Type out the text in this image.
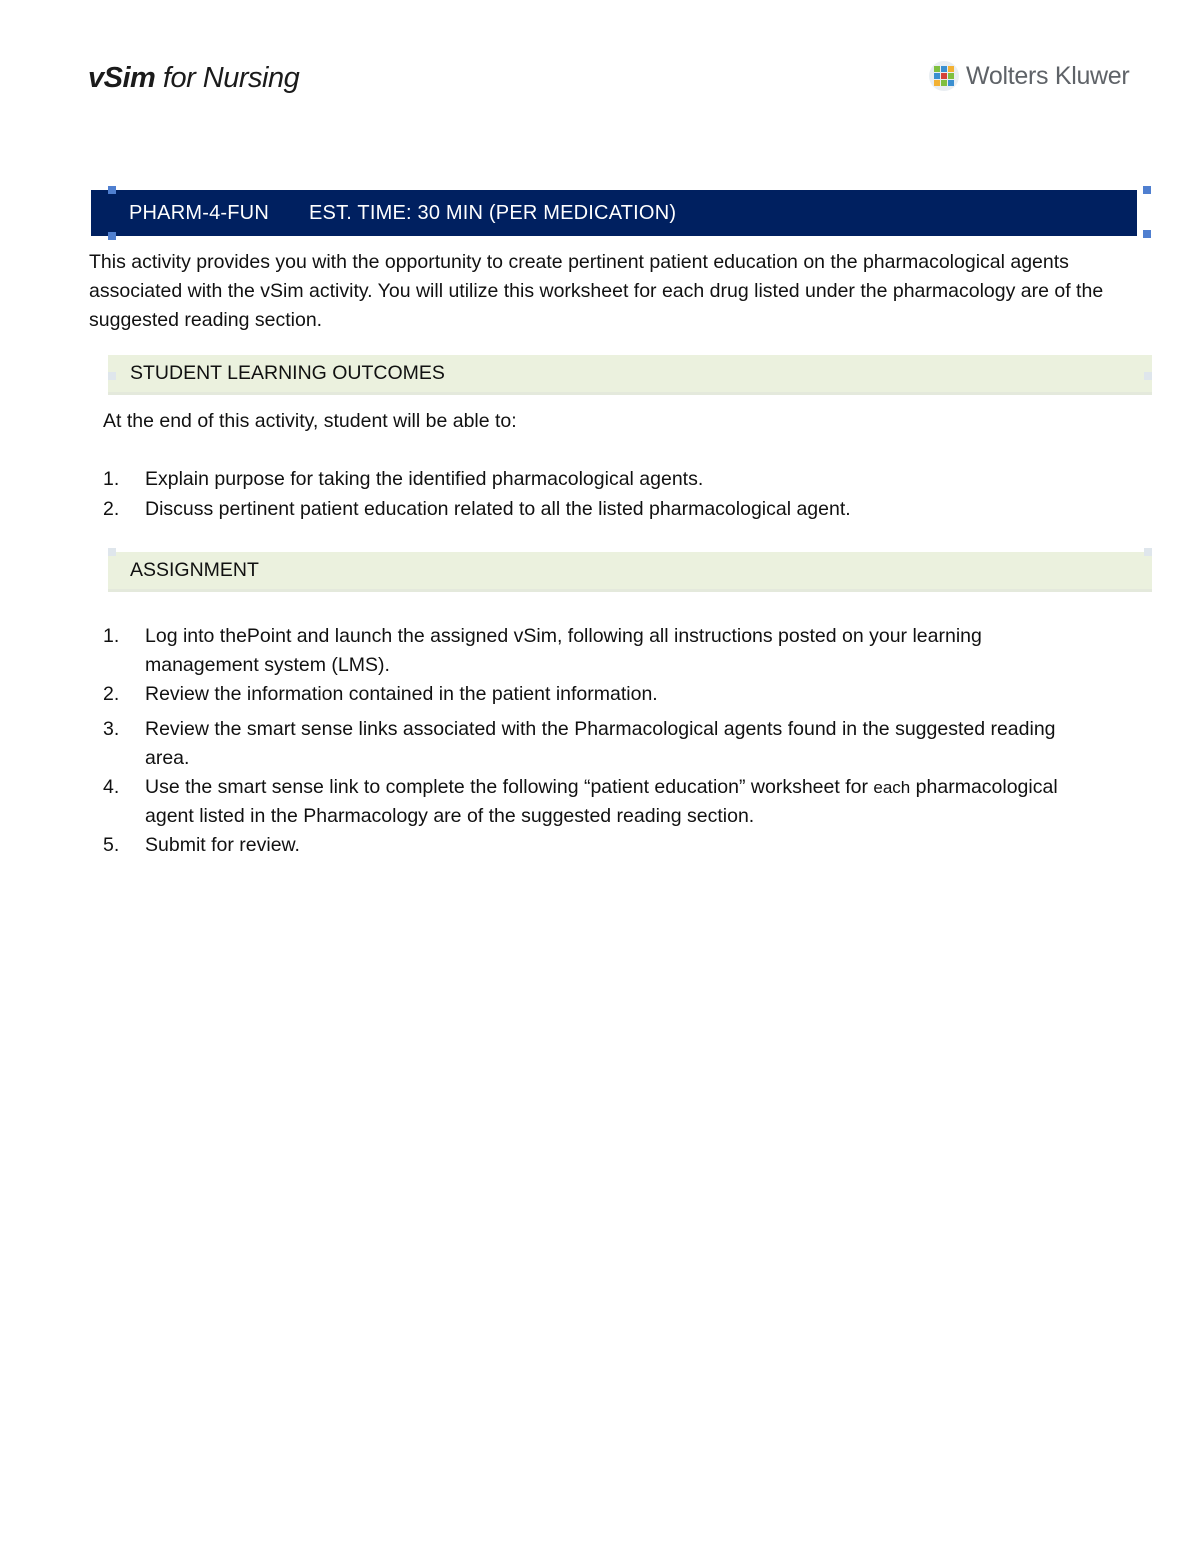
vSim for Nursing	Wolters Kluwer
PHARM-4-FUN EST. TIME: 30 MIN (PER MEDICATION)

This activity provides you with the opportunity to create pertinent patient education on the pharmacological agents associated with the vSim activity. You will utilize this worksheet for each drug listed under the pharmacology are of the suggested reading section.

STUDENT LEARNING OUTCOMES

At the end of this activity, student will be able to:

1. Explain purpose for taking the identified pharmacological agents.
2. Discuss pertinent patient education related to all the listed pharmacological agent.
ASSIGNMENT
1. Log into thePoint and launch the assigned vSim, following all instructions posted on your learning management system (LMS).
2. Review the information contained in the patient information.
3. Review the smart sense links associated with the Pharmacological agents found in the suggested reading area.
4. Use the smart sense link to complete the following “patient education” worksheet for each pharmacological agent listed in the Pharmacology are of the suggested reading section.
5. Submit for review.
